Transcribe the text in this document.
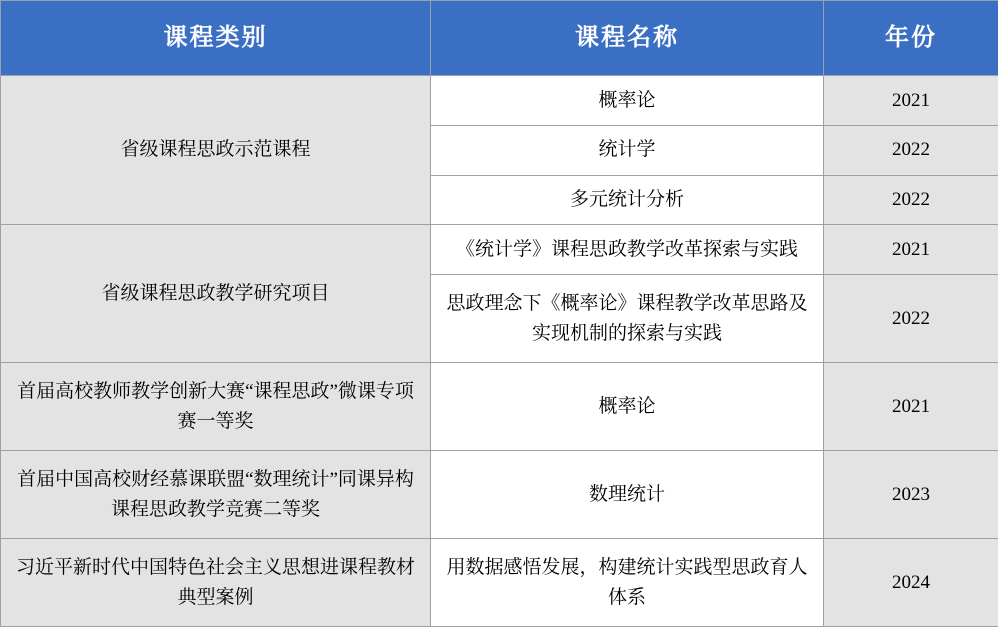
课程类别	课程名称	年份
省级课程思政示范课程	概率论	2021
	统计学	2022
	多元统计分析	2022
省级课程思政教学研究项目	《统计学》课程思政教学改革探索与实践	2021
	思政理念下《概率论》课程教学改革思路及实现机制的探索与实践	2022
首届高校教师教学创新大赛“课程思政”微课专项赛一等奖	概率论	2021
首届中国高校财经慕课联盟“数理统计”同课异构课程思政教学竞赛二等奖	数理统计	2023
习近平新时代中国特色社会主义思想进课程教材典型案例	用数据感悟发展，构建统计实践型思政育人体系	2024
